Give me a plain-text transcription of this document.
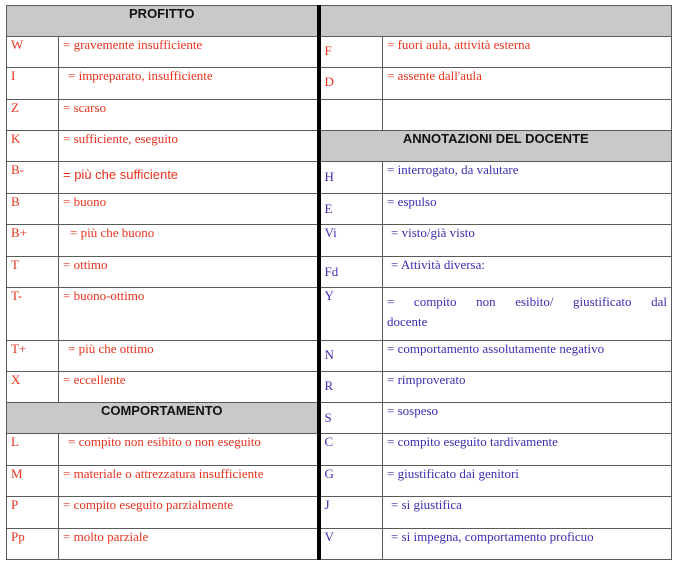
PROFITTO			
W	= gravemente insufficiente	F	= fuori aula, attività esterna
I	= impreparato, insufficiente	D	= assente dall'aula
Z	= scarso		
K	= sufficiente, eseguito	ANNOTAZIONI DEL DOCENTE	
B-	= più che sufficiente	H	= interrogato, da valutare
B	= buono	E	= espulso
B+	= più che buono	Vi	= visto/già visto
T	= ottimo	Fd	= Attività diversa:
T-	= buono-ottimo	Y	= compito non esibito/ giustificato dal
docente

T+	= più che ottimo	N	= comportamento assolutamente negativo
X	= eccellente	R	= rimproverato
COMPORTAMENTO		S	= sospeso
L	= compito non esibito o non eseguito	C	= compito eseguito tardivamente
M	= materiale o attrezzatura insufficiente	G	= giustificato dai genitori
P	= compito eseguito parzialmente	J	= si giustifica
Pp	= molto parziale	V	= si impegna, comportamento proficuo
